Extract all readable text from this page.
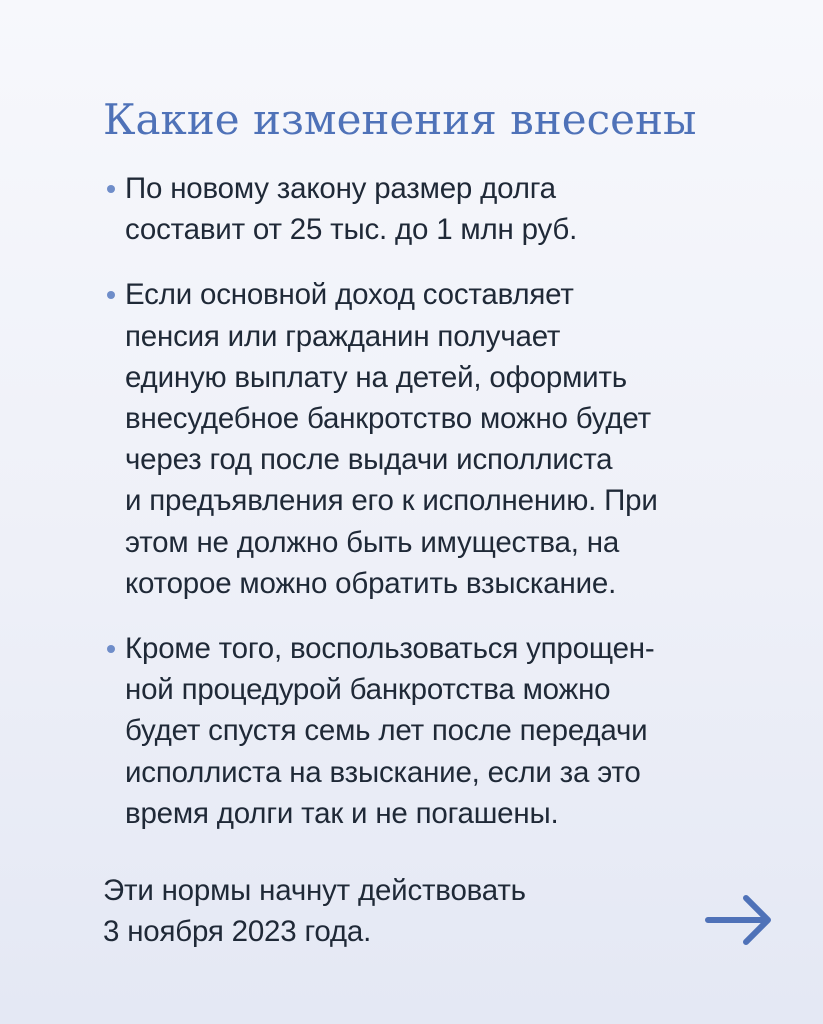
Какие изменения внесены
По новому закону размер долга
составит от 25 тыс. до 1 млн руб.
Если основной доход составляет
пенсия или гражданин получает
единую выплату на детей, оформить
внесудебное банкротство можно будет
через год после выдачи исполлиста
и предъявления его к исполнению. При
этом не должно быть имущества, на
которое можно обратить взыскание.
Кроме того, воспользоваться упрощен-
ной процедурой банкротства можно
будет спустя семь лет после передачи
исполлиста на взыскание, если за это
время долги так и не погашены.
Эти нормы начнут действовать
3 ноября 2023 года.
